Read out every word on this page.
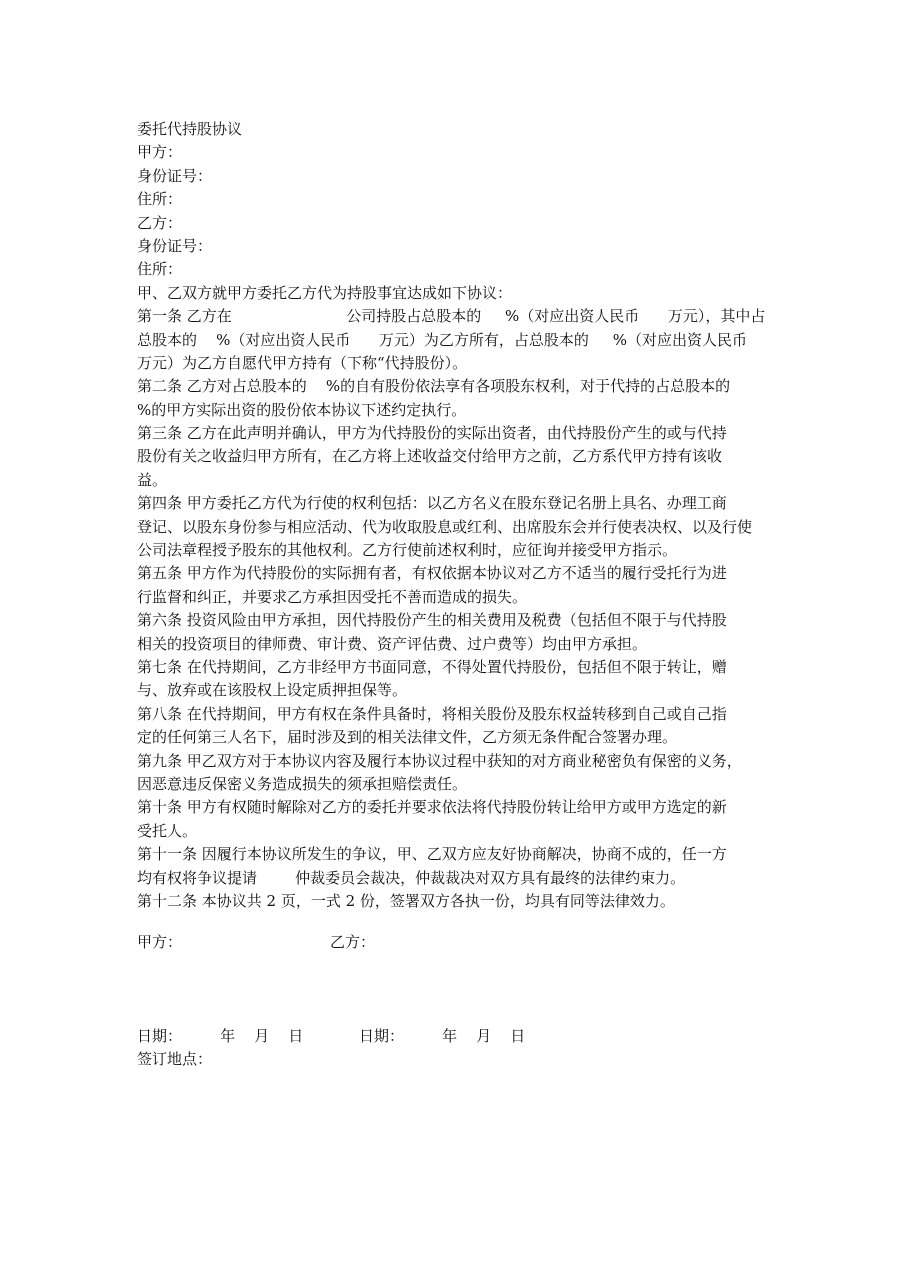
委托代持股协议
甲方：
身份证号：
住所：
乙方：
身份证号：
住所：
甲、乙双方就甲方委托乙方代为持股事宜达成如下协议：
第一条 乙方在                        公司持股占总股本的     %（对应出资人民币      万元），其中占
总股本的    %（对应出资人民币      万元）为乙方所有，占总股本的     %（对应出资人民币
万元）为乙方自愿代甲方持有（下称“代持股份）。
第二条 乙方对占总股本的    %的自有股份依法享有各项股东权利，对于代持的占总股本的
%的甲方实际出资的股份依本协议下述约定执行。
第三条 乙方在此声明并确认，甲方为代持股份的实际出资者，由代持股份产生的或与代持
股份有关之收益归甲方所有，在乙方将上述收益交付给甲方之前，乙方系代甲方持有该收
益。
第四条 甲方委托乙方代为行使的权利包括：以乙方名义在股东登记名册上具名、办理工商
登记、以股东身份参与相应活动、代为收取股息或红利、出席股东会并行使表决权、以及行使
公司法章程授予股东的其他权利。乙方行使前述权利时，应征询并接受甲方指示。
第五条 甲方作为代持股份的实际拥有者，有权依据本协议对乙方不适当的履行受托行为进
行监督和纠正，并要求乙方承担因受托不善而造成的损失。
第六条 投资风险由甲方承担，因代持股份产生的相关费用及税费（包括但不限于与代持股
相关的投资项目的律师费、审计费、资产评估费、过户费等）均由甲方承担。
第七条 在代持期间，乙方非经甲方书面同意，不得处置代持股份，包括但不限于转让，赠
与、放弃或在该股权上设定质押担保等。
第八条 在代持期间，甲方有权在条件具备时，将相关股份及股东权益转移到自己或自己指
定的任何第三人名下，届时涉及到的相关法律文件，乙方须无条件配合签署办理。
第九条 甲乙双方对于本协议内容及履行本协议过程中获知的对方商业秘密负有保密的义务，
因恶意违反保密义务造成损失的须承担赔偿责任。
第十条 甲方有权随时解除对乙方的委托并要求依法将代持股份转让给甲方或甲方选定的新
受托人。
第十一条 因履行本协议所发生的争议，甲、乙双方应友好协商解决，协商不成的，任一方
均有权将争议提请        仲裁委员会裁决，仲裁裁决对双方具有最终的法律约束力。
第十二条 本协议共 2 页，一式 2 份，签署双方各执一份，均具有同等法律效力。
甲方：	乙方：
日期：        年    月    日	日期：        年    月    日
签订地点：
